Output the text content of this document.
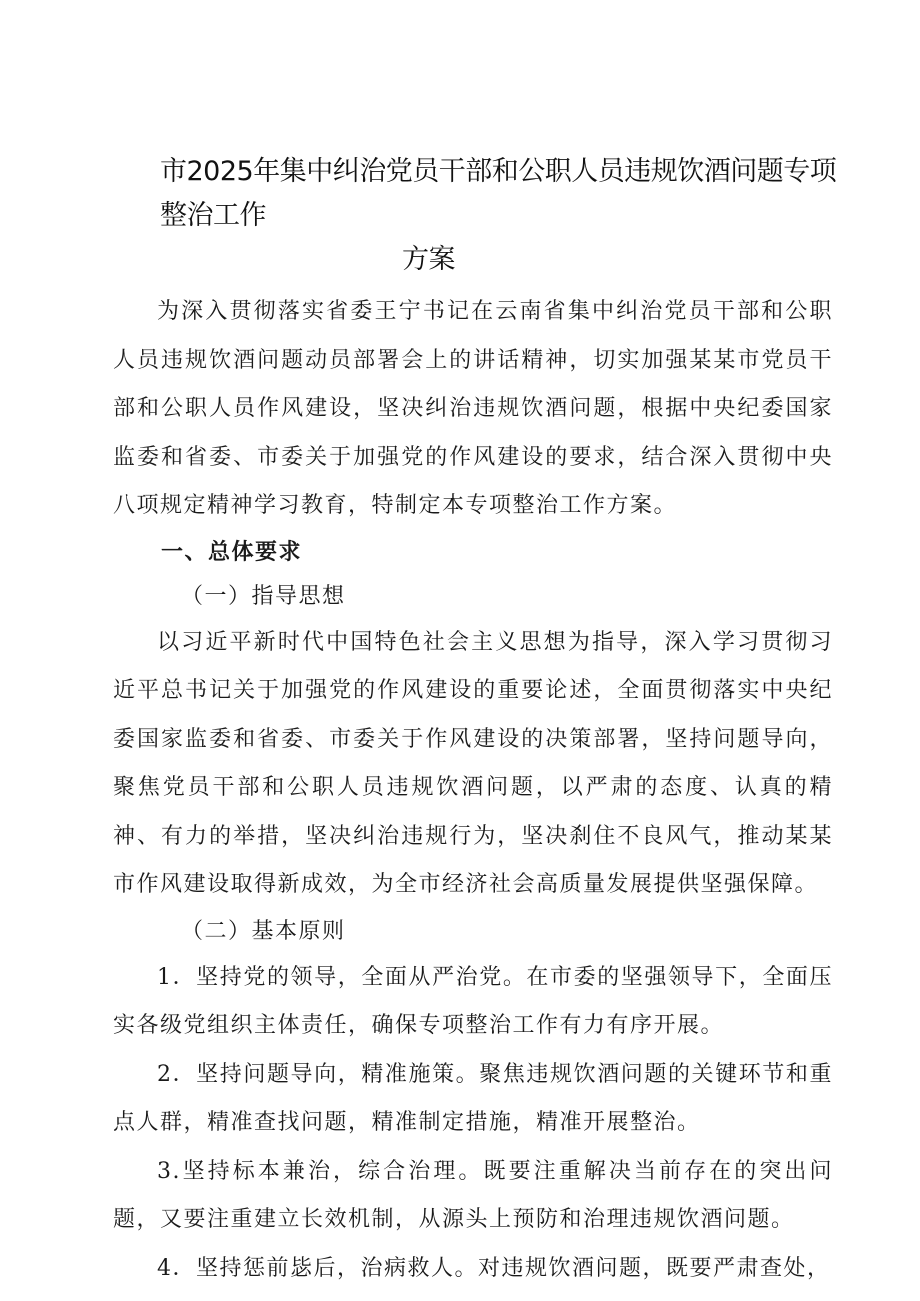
市2025年集中纠治党员干部和公职人员违规饮酒问题专项整治工作
方案

为深入贯彻落实省委王宁书记在云南省集中纠治党员干部和公职人员违规饮酒问题动员部署会上的讲话精神，切实加强某某市党员干部和公职人员作风建设，坚决纠治违规饮酒问题，根据中央纪委国家监委和省委、市委关于加强党的作风建设的要求，结合深入贯彻中央八项规定精神学习教育，特制定本专项整治工作方案。

一、总体要求

（一）指导思想

以习近平新时代中国特色社会主义思想为指导，深入学习贯彻习近平总书记关于加强党的作风建设的重要论述，全面贯彻落实中央纪委国家监委和省委、市委关于作风建设的决策部署，坚持问题导向，聚焦党员干部和公职人员违规饮酒问题，以严肃的态度、认真的精神、有力的举措，坚决纠治违规行为，坚决刹住不良风气，推动某某市作风建设取得新成效，为全市经济社会高质量发展提供坚强保障。

（二）基本原则

1．坚持党的领导，全面从严治党。在市委的坚强领导下，全面压实各级党组织主体责任，确保专项整治工作有力有序开展。

2．坚持问题导向，精准施策。聚焦违规饮酒问题的关键环节和重点人群，精准查找问题，精准制定措施，精准开展整治。

3.坚持标本兼治，综合治理。既要注重解决当前存在的突出问题，又要注重建立长效机制，从源头上预防和治理违规饮酒问题。

4．坚持惩前毖后，治病救人。对违规饮酒问题，既要严肃查处，
